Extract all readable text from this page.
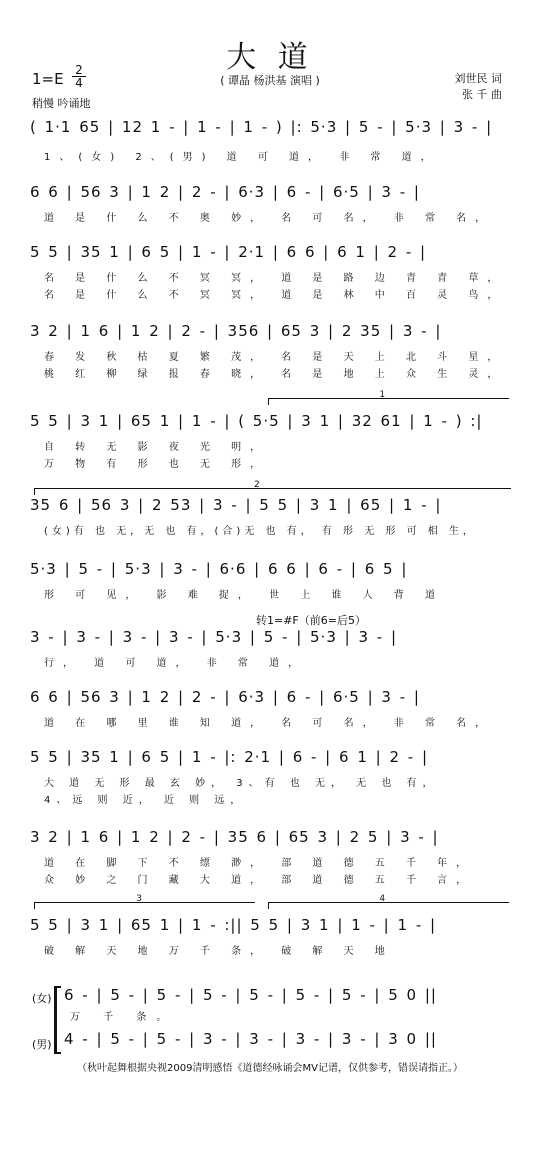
大 道
1=E 2
4
稍慢 吟诵地
( 谭晶 杨洪基 演唱 )	刘世民 词
张 千 曲
( 1·1 65 | 12 1 - | 1 - | 1 - ) |: 5·3 | 5 - | 5·3 | 3 - |
1、(女) 2、(男) 道 可 道， 非 常 道，
6 6 | 56 3 | 1 2 | 2 - | 6·3 | 6 - | 6·5 | 3 - |
道 是 什 么 不 奥 妙， 名 可 名， 非 常 名，
5 5 | 35 1 | 6 5 | 1 - | 2·1 | 6 6 | 6 1 | 2 - |
名 是 什 么 不 冥 冥， 道 是 路 边 青 青 草，
名 是 什 么 不 冥 冥， 道 是 林 中 百 灵 鸟，
3 2 | 1 6 | 1 2 | 2 - | 356 | 65 3 | 2 35 | 3 - |
春 发 秋 枯 夏 繁 茂， 名 是 天 上 北 斗 星，
桃 红 柳 绿 报 春 晓， 名 是 地 上 众 生 灵，
1
5 5 | 3 1 | 65 1 | 1 - | ( 5·5 | 3 1 | 32 61 | 1 - ) :|
自 转 无 影 夜 光 明，
万 物 有 形 也 无 形，
2
35 6 | 56 3 | 2 53 | 3 - | 5 5 | 3 1 | 65 | 1 - |
(女)有 也 无，无 也 有，(合)无 也 有， 有 形 无 形 可 相 生，
5·3 | 5 - | 5·3 | 3 - | 6·6 | 6 6 | 6 - | 6 5 |
形 可 见， 影 难 捉， 世 上 谁 人 背 道
转1=#F（前6=后5）
3 - | 3 - | 3 - | 3 - | 5·3 | 5 - | 5·3 | 3 - |
行， 道 可 道， 非 常 道，
6 6 | 56 3 | 1 2 | 2 - | 6·3 | 6 - | 6·5 | 3 - |
道 在 哪 里 谁 知 道， 名 可 名， 非 常 名，
5 5 | 35 1 | 6 5 | 1 - |: 2·1 | 6 - | 6 1 | 2 - |
大 道 无 形 最 玄 妙， 3、有 也 无， 无 也 有，
4、远 则 近， 近 则 远，
3 2 | 1 6 | 1 2 | 2 - | 35 6 | 65 3 | 2 5 | 3 - |
道 在 脚 下 不 缥 渺， 部 道 德 五 千 年，
众 妙 之 门 藏 大 道， 部 道 德 五 千 言，
3	4
5 5 | 3 1 | 65 1 | 1 - :|| 5 5 | 3 1 | 1 - | 1 - |
破 解 天 地 万 千 条， 破 解 天 地
(女)
(男)
6 - | 5 - | 5 - | 5 - | 5 - | 5 - | 5 - | 5 0 ||
万 千 条。
4 - | 5 - | 5 - | 3 - | 3 - | 3 - | 3 - | 3 0 ||
（秋叶起舞根据央视2009清明感悟《道德经咏诵会MV记谱，仅供参考，错误请指正。）
